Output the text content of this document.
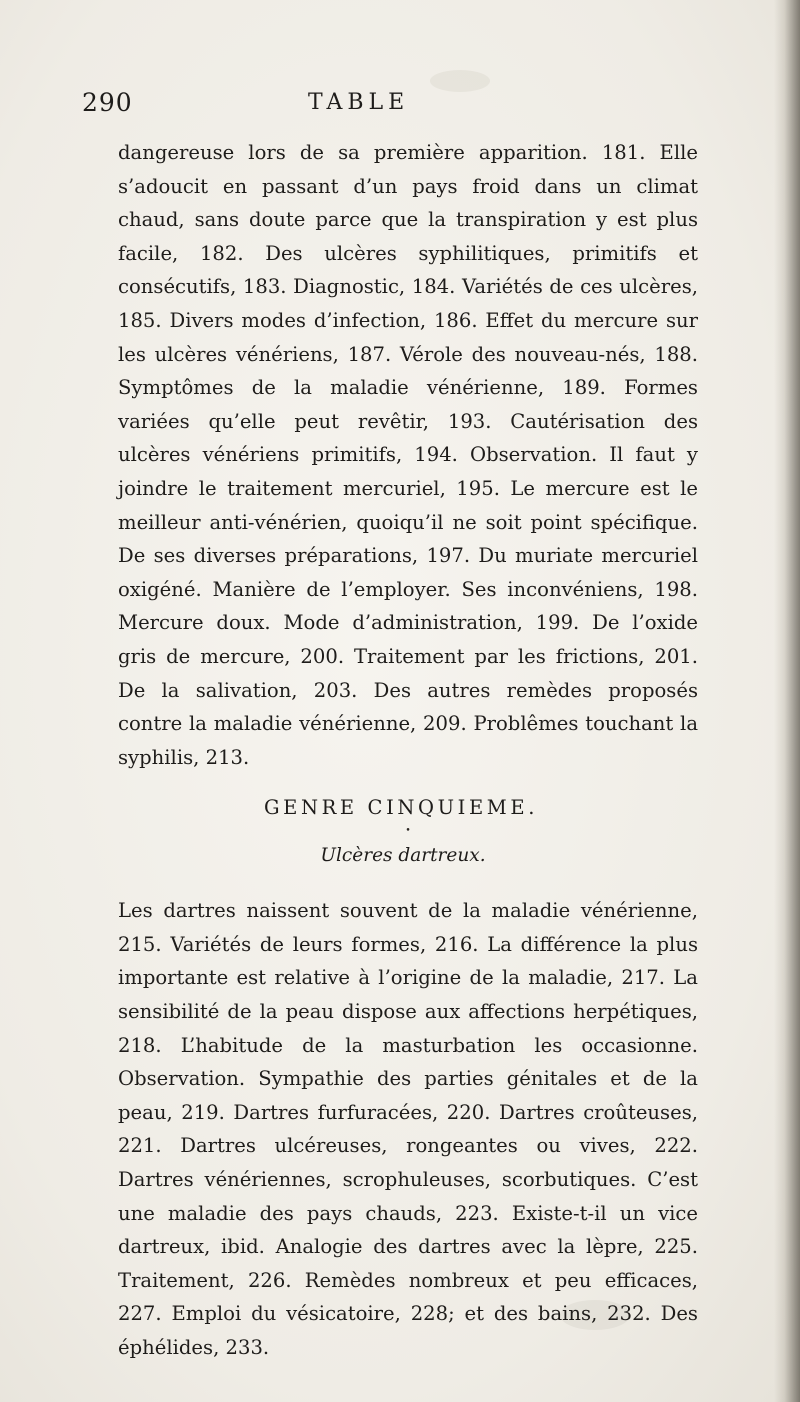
290	TABLE

dangereuse lors de sa première apparition. 181. Elle s’adoucit en passant d’un pays froid dans un climat chaud, sans doute parce que la transpiration y est plus facile, 182. Des ulcères syphilitiques, primitifs et consécutifs, 183. Diagnostic, 184. Variétés de ces ulcères, 185. Divers modes d’infection, 186. Effet du mercure sur les ulcères vénériens, 187. Vérole des nouveau-nés, 188. Symptômes de la maladie vénérienne, 189. Formes variées qu’elle peut revêtir, 193. Cautérisation des ulcères vénériens primitifs, 194. Observation. Il faut y joindre le traitement mercuriel, 195. Le mercure est le meilleur anti-vénérien, quoiqu’il ne soit point spécifique. De ses diverses préparations, 197. Du muriate mercuriel oxigéné. Manière de l’employer. Ses inconvéniens, 198. Mercure doux. Mode d’administration, 199. De l’oxide gris de mercure, 200. Traitement par les frictions, 201. De la salivation, 203. Des autres remèdes proposés contre la maladie vénérienne, 209. Problêmes touchant la syphilis, 213.

GENRE CINQUIEME.
•
Ulcères dartreux.

Les dartres naissent souvent de la maladie vénérienne, 215. Variétés de leurs formes, 216. La différence la plus importante est relative à l’origine de la maladie, 217. La sensibilité de la peau dispose aux affections herpétiques, 218. L’habitude de la masturbation les occasionne. Observation. Sympathie des parties génitales et de la peau, 219. Dartres furfuracées, 220. Dartres croûteuses, 221. Dartres ulcéreuses, rongeantes ou vives, 222. Dartres vénériennes, scrophuleuses, scorbutiques. C’est une maladie des pays chauds, 223. Existe-t-il un vice dartreux, ibid. Analogie des dartres avec la lèpre, 225. Traitement, 226. Remèdes nombreux et peu efficaces, 227. Emploi du vésicatoire, 228; et des bains, 232. Des éphélides, 233.
